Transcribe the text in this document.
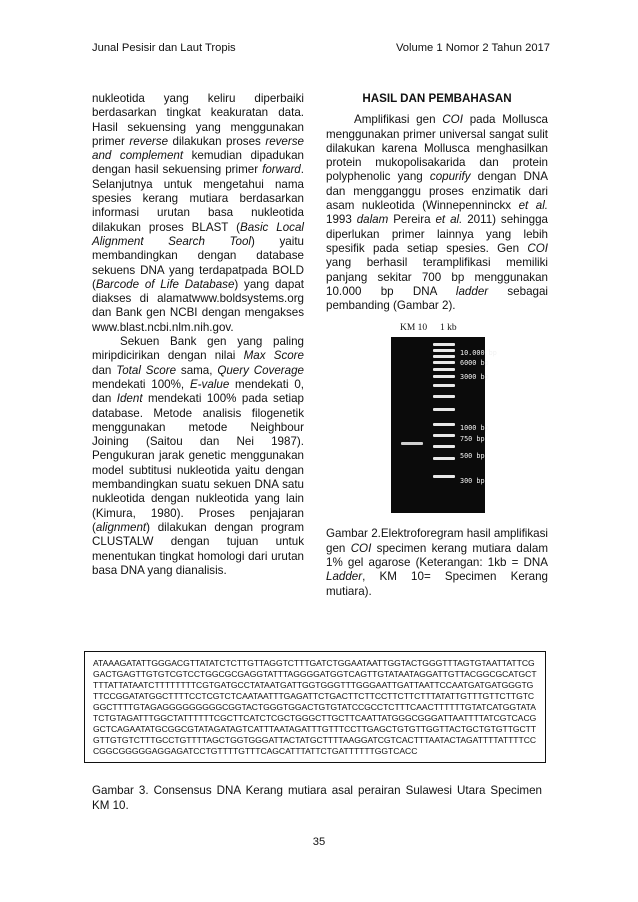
Junal Pesisir dan Laut Tropis	Volume 1 Nomor 2 Tahun 2017

nukleotida yang keliru diperbaiki berdasarkan tingkat keakuratan data. Hasil sekuensing yang menggunakan primer reverse dilakukan proses reverse and complement kemudian dipadukan dengan hasil sekuensing primer forward. Selanjutnya untuk mengetahui nama spesies kerang mutiara berdasarkan informasi urutan basa nukleotida dilakukan proses BLAST (Basic Local Alignment Search Tool) yaitu membandingkan dengan database sekuens DNA yang terdapatpada BOLD (Barcode of Life Database) yang dapat diakses di alamatwww.boldsystems.org dan Bank gen NCBI dengan mengakses www.blast.ncbi.nlm.nih.gov.

Sekuen Bank gen yang paling miripdicirikan dengan nilai Max Score dan Total Score sama, Query Coverage mendekati 100%, E-value mendekati 0, dan Ident mendekati 100% pada setiap database. Metode analisis filogenetik menggunakan metode Neighbour Joining (Saitou dan Nei 1987). Pengukuran jarak genetic menggunakan model subtitusi nukleotida yaitu dengan membandingkan suatu sekuen DNA satu nukleotida dengan nukleotida yang lain (Kimura, 1980). Proses penjajaran (alignment) dilakukan dengan program CLUSTALW dengan tujuan untuk menentukan tingkat homologi dari urutan basa DNA yang dianalisis.

HASIL DAN PEMBAHASAN

Amplifikasi gen COI pada Mollusca menggunakan primer universal sangat sulit dilakukan karena Mollusca menghasilkan protein mukopolisakarida dan protein polyphenolic yang copurify dengan DNA dan mengganggu proses enzimatik dari asam nukleotida (Winnepenninckx et al. 1993 dalam Pereira et al. 2011) sehingga diperlukan primer lainnya yang lebih spesifik pada setiap spesies. Gen COI yang berhasil teramplifikasi memiliki panjang sekitar 700 bp menggunakan 10.000 bp DNA ladder sebagai pembanding (Gambar 2).

KM 10 1 kb
10.000 bp
6000 bp
3000 bp
1000 bp
750 bp
500 bp
300 bp

Gambar 2.Elektroforegram hasil amplifikasi gen COI specimen kerang mutiara dalam 1% gel agarose (Keterangan: 1kb = DNA Ladder, KM 10= Specimen Kerang mutiara).

ATAAAGATATTGGGACGTTATATCTCTTGTTAGGTCTTTGATCTGGAATAATTGGTACTGGGTTTAGTGTAATTATTCGGACTGAGTTGTGTCGTCCTGGCGCGAGGTATTTAGGGGATGGTCAGTTGTATAATAGGATTGTTACGGCGCATGCTTTTATTATAATCTTTTTTTTCGTGATGCCTATAATGATTGGTGGGTTTGGGAATTGATTAATTCCAATGATGATGGGTGTTCCGGATATGGCTTTTCCTCGTCTCAATAATTTGAGATTCTGACTTCTTCCTTCTTCTTTATATTGTTTGTTCTTGTCGGCTTTTGTAGAGGGGGGGGGCGGTACTGGGTGGACTGTGTATCCGCCTCTTTCAACTTTTTTGTATCATGGTATATCTGTAGATTTGGCTATTTTTTCGCTTCATCTCGCTGGGCTTGCTTCAATTATGGGCGGGATTAATTTTATCGTCACGGCTCAGAATATGCGGCGTATAGATAGTCATTTAATAGATTTGTTTCCTTGAGCTGTGTTGGTTACTGCTGTGTTGCTTGTTGTGTCTTTGCCTGTTTTAGCTGGTGGGATTACTATGCTTTTAAGGATCGTCACTTTAATACTAGATTTTATTTTCCCGGCGGGGGAGGAGATCCTGTTTTGTTTCAGCATTTATTCTGATTTTTTGGTCACC

Gambar 3. Consensus DNA Kerang mutiara asal perairan Sulawesi Utara Specimen KM 10.

35
